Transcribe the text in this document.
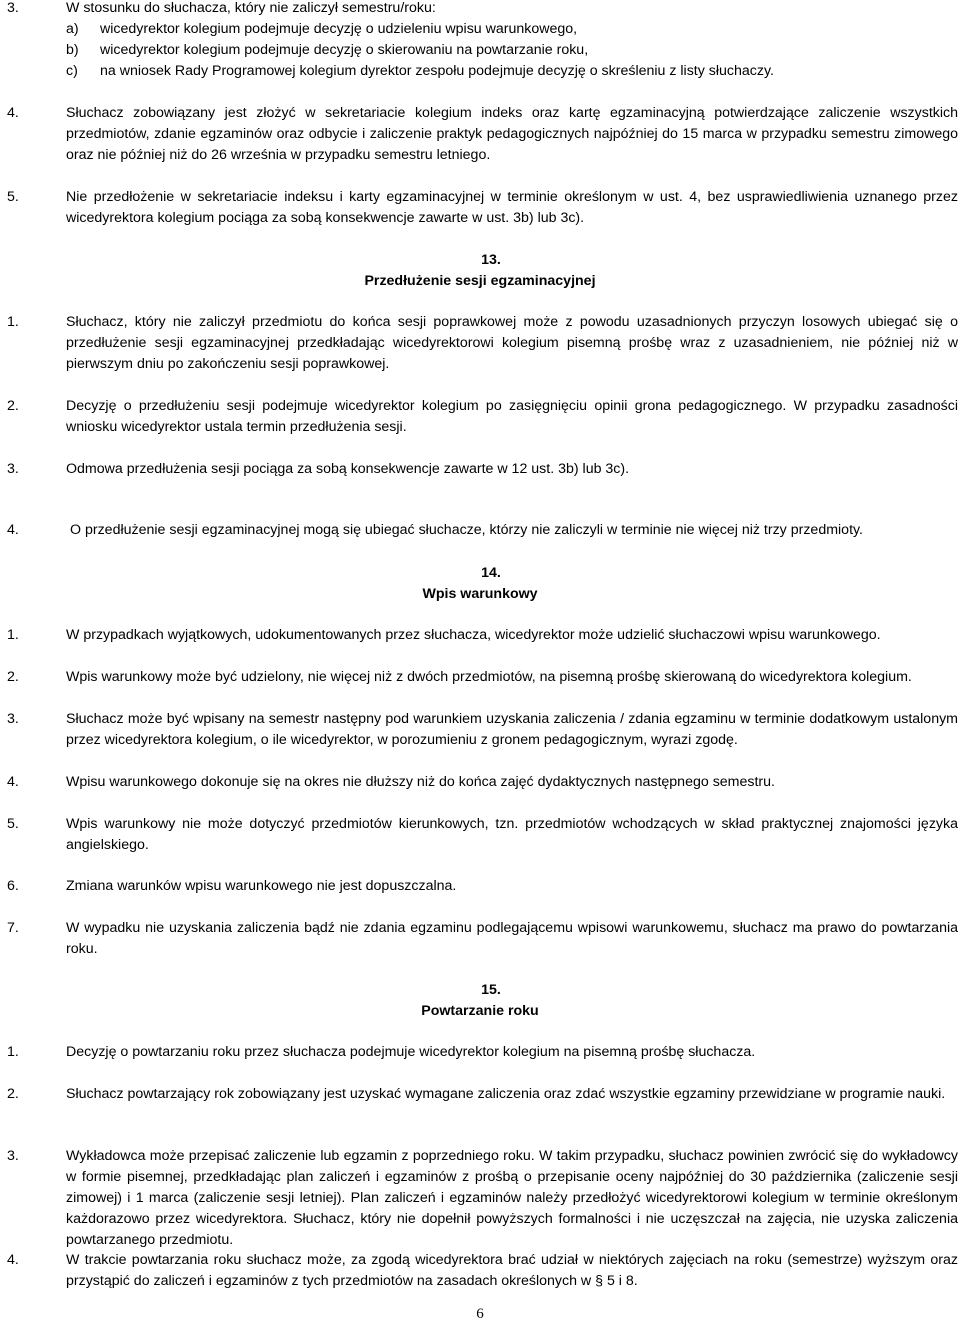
3.	W stosunku do słuchacza, który nie zaliczył semestru/roku:
a)	wicedyrektor kolegium podejmuje decyzję o udzieleniu wpisu warunkowego,
b)	wicedyrektor kolegium podejmuje decyzję o skierowaniu na powtarzanie roku,
c)	na wniosek Rady Programowej kolegium dyrektor zespołu podejmuje decyzję o skreśleniu z listy słuchaczy.
4.	Słuchacz zobowiązany jest złożyć w sekretariacie kolegium indeks oraz kartę egzaminacyjną potwierdzające zaliczenie wszystkich przedmiotów, zdanie egzaminów oraz odbycie i zaliczenie praktyk pedagogicznych najpóźniej do 15 marca w przypadku semestru zimowego oraz nie później niż do 26 września w przypadku semestru letniego.
5.	Nie przedłożenie w sekretariacie indeksu i karty egzaminacyjnej w terminie określonym w ust. 4, bez usprawiedliwienia uznanego przez wicedyrektora kolegium pociąga za sobą konsekwencje zawarte w ust. 3b) lub 3c).
13.
Przedłużenie sesji egzaminacyjnej
1.	Słuchacz, który nie zaliczył przedmiotu do końca sesji poprawkowej może z powodu uzasadnionych przyczyn losowych ubiegać się o przedłużenie sesji egzaminacyjnej przedkładając wicedyrektorowi kolegium pisemną prośbę wraz z uzasadnieniem, nie później niż w pierwszym dniu po zakończeniu sesji poprawkowej.
2.	Decyzję o przedłużeniu sesji podejmuje wicedyrektor kolegium po zasięgnięciu opinii grona pedagogicznego. W przypadku zasadności wniosku wicedyrektor ustala termin przedłużenia sesji.
3.	Odmowa przedłużenia sesji pociąga za sobą konsekwencje zawarte w 12 ust. 3b) lub 3c).
4.	O przedłużenie sesji egzaminacyjnej mogą się ubiegać słuchacze, którzy nie zaliczyli w terminie nie więcej niż trzy przedmioty.
14.
Wpis warunkowy
1.	W przypadkach wyjątkowych, udokumentowanych przez słuchacza, wicedyrektor może udzielić słuchaczowi wpisu warunkowego.
2.	Wpis warunkowy może być udzielony, nie więcej niż z dwóch przedmiotów, na pisemną prośbę skierowaną do wicedyrektora kolegium.
3.	Słuchacz może być wpisany na semestr następny pod warunkiem uzyskania zaliczenia / zdania egzaminu w terminie dodatkowym ustalonym przez wicedyrektora kolegium, o ile wicedyrektor, w porozumieniu z gronem pedagogicznym, wyrazi zgodę.
4.	Wpisu warunkowego dokonuje się na okres nie dłuższy niż do końca zajęć dydaktycznych następnego semestru.
5.	Wpis warunkowy nie może dotyczyć przedmiotów kierunkowych, tzn. przedmiotów wchodzących w skład praktycznej znajomości języka angielskiego.
6.	Zmiana warunków wpisu warunkowego nie jest dopuszczalna.
7.	W wypadku nie uzyskania zaliczenia bądź nie zdania egzaminu podlegającemu wpisowi warunkowemu, słuchacz ma prawo do powtarzania roku.
15.
Powtarzanie roku
1.	Decyzję o powtarzaniu roku przez słuchacza podejmuje wicedyrektor kolegium na pisemną prośbę słuchacza.
2.	Słuchacz powtarzający rok zobowiązany jest uzyskać wymagane zaliczenia oraz zdać wszystkie egzaminy przewidziane w programie nauki.
3.	Wykładowca może przepisać zaliczenie lub egzamin z poprzedniego roku. W takim przypadku, słuchacz powinien zwrócić się do wykładowcy w formie pisemnej, przedkładając plan zaliczeń i egzaminów z prośbą o przepisanie oceny najpóźniej do 30 października (zaliczenie sesji zimowej) i 1 marca (zaliczenie sesji letniej). Plan zaliczeń i egzaminów należy przedłożyć wicedyrektorowi kolegium w terminie określonym każdorazowo przez wicedyrektora. Słuchacz, który nie dopełnił powyższych formalności i nie uczęszczał na zajęcia, nie uzyska zaliczenia powtarzanego przedmiotu.
4.	W trakcie powtarzania roku słuchacz może, za zgodą wicedyrektora brać udział w niektórych zajęciach na roku (semestrze) wyższym oraz przystąpić do zaliczeń i egzaminów z tych przedmiotów na zasadach określonych w § 5 i 8.
6
